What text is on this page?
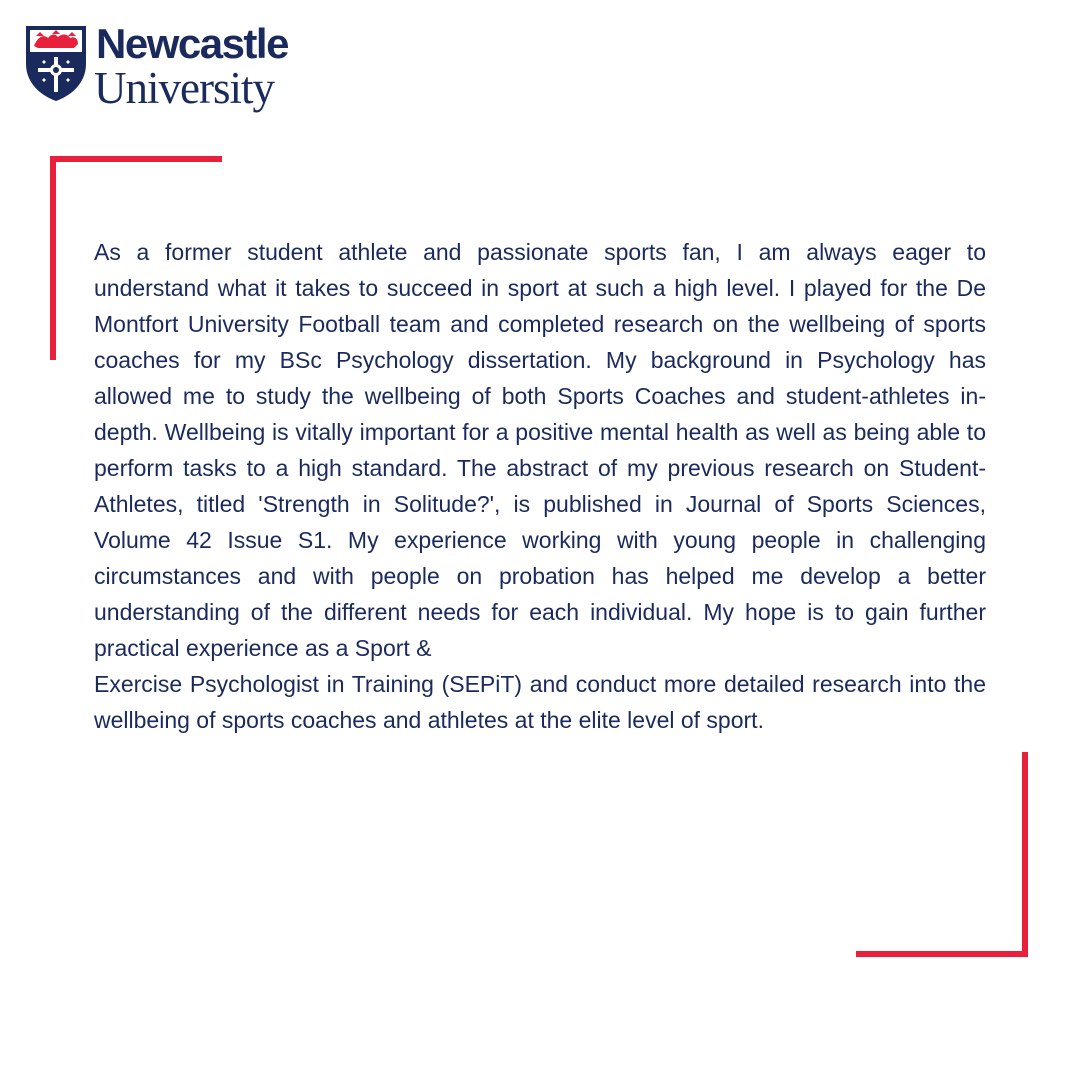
Newcastle
University
As a former student athlete and passionate sports fan, I am always eager to understand what it takes to succeed in sport at such a high level. I played for the De Montfort University Football team and completed research on the wellbeing of sports coaches for my BSc Psychology dissertation. My background in Psychology has allowed me to study the wellbeing of both Sports Coaches and student-athletes in-depth. Wellbeing is vitally important for a positive mental health as well as being able to perform tasks to a high standard. The abstract of my previous research on Student-Athletes, titled 'Strength in Solitude?', is published in Journal of Sports Sciences, Volume 42 Issue S1. My experience working with young people in challenging circumstances and with people on probation has helped me develop a better understanding of the different needs for each individual. My hope is to gain further practical experience as a Sport &
Exercise Psychologist in Training (SEPiT) and conduct more detailed research into the wellbeing of sports coaches and athletes at the elite level of sport.
